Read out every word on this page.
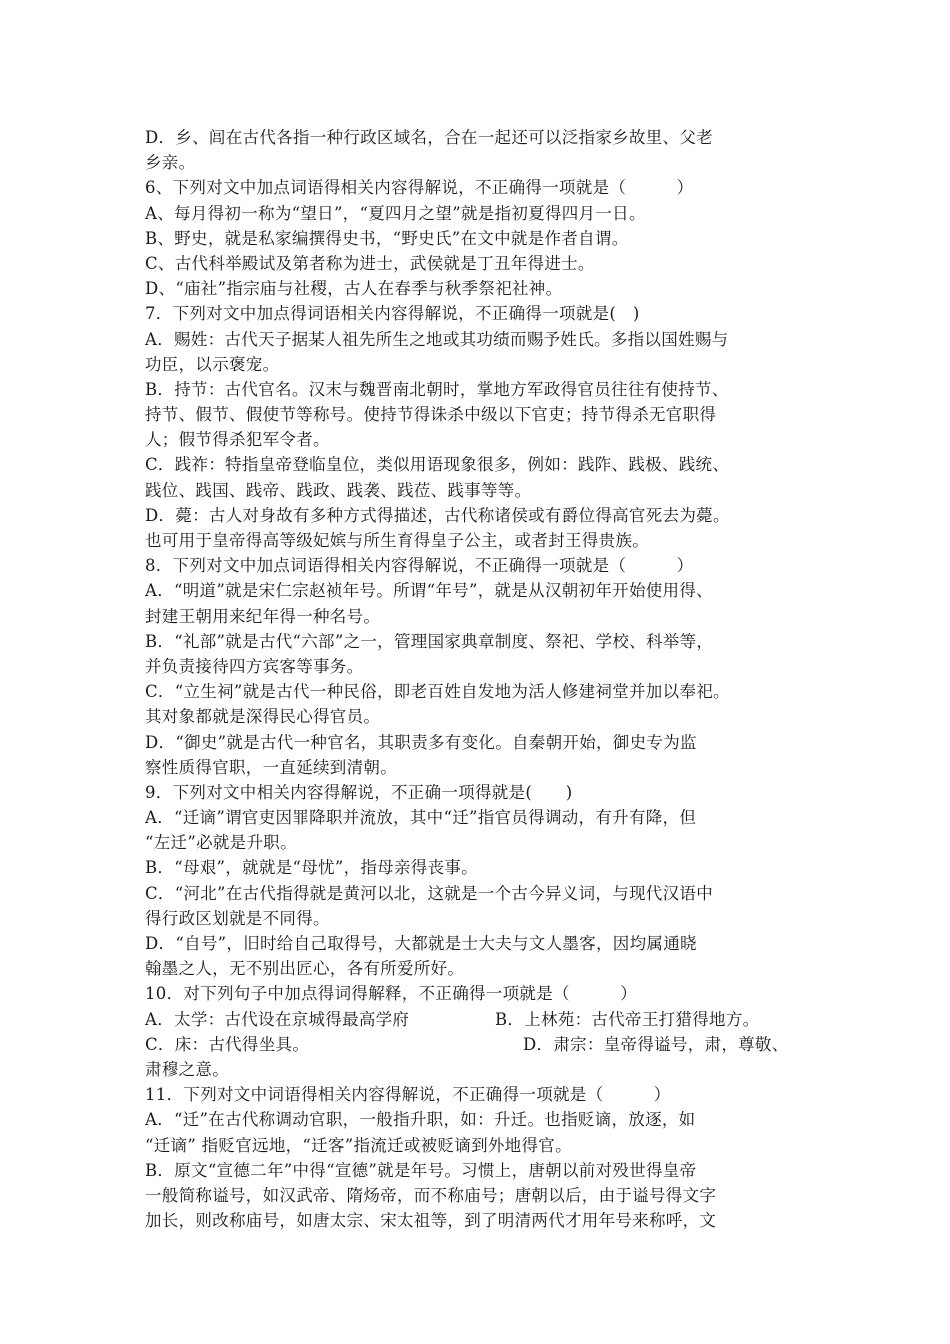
D．乡、闾在古代各指一种行政区域名，合在一起还可以泛指家乡故里、父老
乡亲。
6、下列对文中加点词语得相关内容得解说，不正确得一项就是（　　　）
A、每月得初一称为“望日”，“夏四月之望”就是指初夏得四月一日。
B、野史，就是私家编撰得史书，“野史氏”在文中就是作者自谓。
C、古代科举殿试及第者称为进士，武侯就是丁丑年得进士。
D、“庙社”指宗庙与社稷，古人在春季与秋季祭祀社神。
7．下列对文中加点得词语相关内容得解说，不正确得一项就是(　)
A．赐姓：古代天子据某人祖先所生之地或其功绩而赐予姓氏。多指以国姓赐与
功臣，以示褒宠。
B．持节：古代官名。汉末与魏晋南北朝时，掌地方军政得官员往往有使持节、
持节、假节、假使节等称号。使持节得诛杀中级以下官吏；持节得杀无官职得
人；假节得杀犯军令者。
C．践祚：特指皇帝登临皇位，类似用语现象很多，例如：践阼、践极、践统、
践位、践国、践帝、践政、践袭、践莅、践事等等。
D．薨：古人对身故有多种方式得描述，古代称诸侯或有爵位得高官死去为薨。
也可用于皇帝得高等级妃嫔与所生育得皇子公主，或者封王得贵族。
8．下列对文中加点词语得相关内容得解说，不正确得一项就是（　　　）
A．“明道”就是宋仁宗赵祯年号。所谓“年号”，就是从汉朝初年开始使用得、
封建王朝用来纪年得一种名号。
B．“礼部”就是古代“六部”之一，管理国家典章制度、祭祀、学校、科举等，
并负责接待四方宾客等事务。
C．“立生祠”就是古代一种民俗，即老百姓自发地为活人修建祠堂并加以奉祀。
其对象都就是深得民心得官员。
D．“御史”就是古代一种官名，其职责多有变化。自秦朝开始，御史专为监
察性质得官职，一直延续到清朝。
9．下列对文中相关内容得解说，不正确一项得就是(　　)
A．“迁谪”谓官吏因罪降职并流放，其中“迁”指官员得调动，有升有降，但
“左迁”必就是升职。
B．“母艰”，就就是“母忧”，指母亲得丧事。
C．“河北”在古代指得就是黄河以北，这就是一个古今异义词，与现代汉语中
得行政区划就是不同得。
D．“自号”，旧时给自己取得号，大都就是士大夫与文人墨客，因均属通晓
翰墨之人，无不别出匠心，各有所爱所好。
10．对下列句子中加点得词得解释，不正确得一项就是（　　　）
A．太学：古代设在京城得最高学府	B．上林苑：古代帝王打猎得地方。
C．床：古代得坐具。	D．肃宗：皇帝得谥号，肃，尊敬、
肃穆之意。
11．下列对文中词语得相关内容得解说，不正确得一项就是（　　　）
A．“迁”在古代称调动官职，一般指升职，如：升迁。也指贬谪，放逐，如
“迁谪” 指贬官远地，“迁客”指流迁或被贬谪到外地得官。
B．原文“宣德二年”中得“宣德”就是年号。习惯上，唐朝以前对殁世得皇帝
一般简称谥号，如汉武帝、隋炀帝，而不称庙号；唐朝以后，由于谥号得文字
加长，则改称庙号，如唐太宗、宋太祖等，到了明清两代才用年号来称呼，文
